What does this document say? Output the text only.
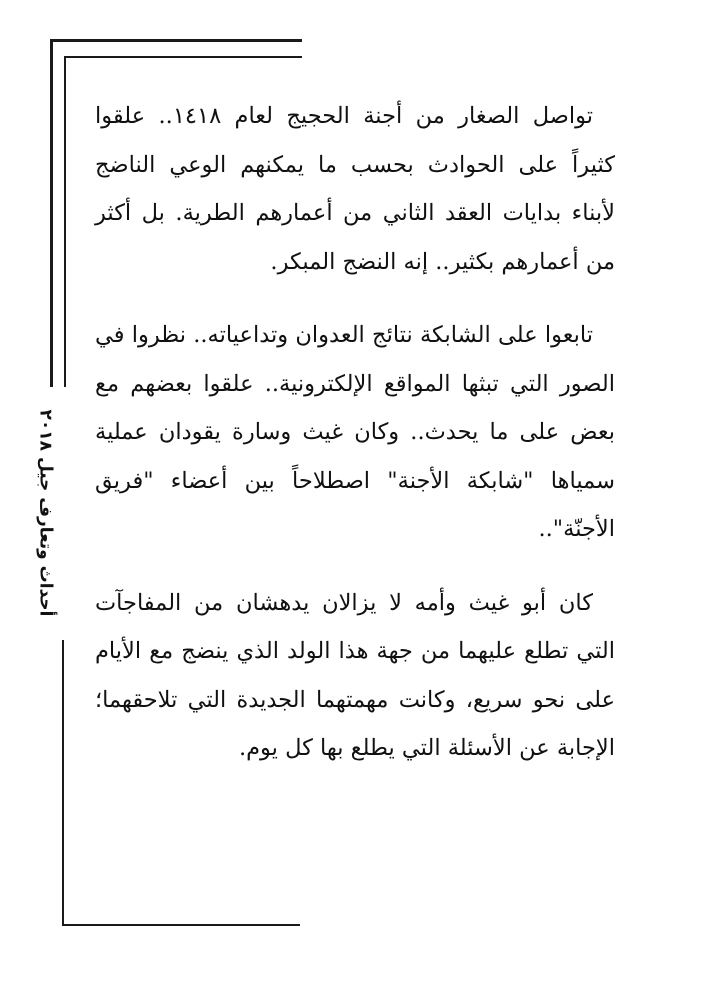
أحداث وتعارف جيل ٢٠١٨

تواصل الصغار من أجنة الحجيج لعام ١٤١٨.. علقوا كثيراً على الحوادث بحسب ما يمكنهم الوعي الناضج لأبناء بدايات العقد الثاني من أعمارهم الطرية. بل أكثر من أعمارهم بكثير.. إنه النضج المبكر.

تابعوا على الشابكة نتائج العدوان وتداعياته.. نظروا في الصور التي تبثها المواقع الإلكترونية.. علقوا بعضهم مع بعض على ما يحدث.. وكان غيث وسارة يقودان عملية سمياها "شابكة الأجنة" اصطلاحاً بين أعضاء "فريق الأجنّة"..

كان أبو غيث وأمه لا يزالان يدهشان من المفاجآت التي تطلع عليهما من جهة هذا الولد الذي ينضج مع الأيام على نحو سريع، وكانت مهمتهما الجديدة التي تلاحقهما؛ الإجابة عن الأسئلة التي يطلع بها كل يوم.
